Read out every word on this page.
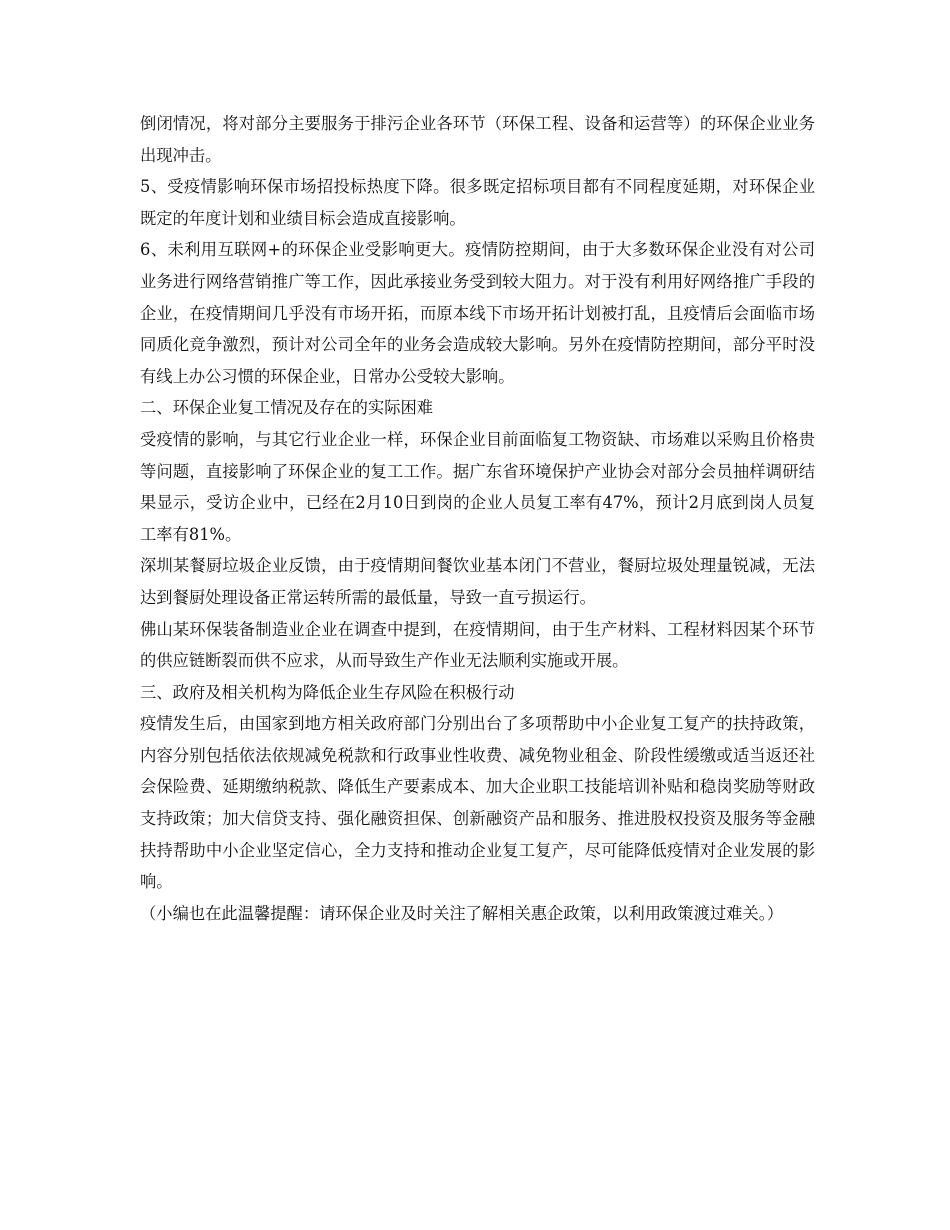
倒闭情况，将对部分主要服务于排污企业各环节（环保工程、设备和运营等）的环保企业业务出现冲击。

5、受疫情影响环保市场招投标热度下降。很多既定招标项目都有不同程度延期，对环保企业既定的年度计划和业绩目标会造成直接影响。

6、未利用互联网+的环保企业受影响更大。疫情防控期间，由于大多数环保企业没有对公司业务进行网络营销推广等工作，因此承接业务受到较大阻力。对于没有利用好网络推广手段的企业，在疫情期间几乎没有市场开拓，而原本线下市场开拓计划被打乱，且疫情后会面临市场同质化竞争激烈，预计对公司全年的业务会造成较大影响。另外在疫情防控期间，部分平时没有线上办公习惯的环保企业，日常办公受较大影响。

二、环保企业复工情况及存在的实际困难

受疫情的影响，与其它行业企业一样，环保企业目前面临复工物资缺、市场难以采购且价格贵等问题，直接影响了环保企业的复工工作。据广东省环境保护产业协会对部分会员抽样调研结果显示，受访企业中，已经在2月10日到岗的企业人员复工率有47%，预计2月底到岗人员复工率有81%。

深圳某餐厨垃圾企业反馈，由于疫情期间餐饮业基本闭门不营业，餐厨垃圾处理量锐减，无法达到餐厨处理设备正常运转所需的最低量，导致一直亏损运行。

佛山某环保装备制造业企业在调查中提到，在疫情期间，由于生产材料、工程材料因某个环节的供应链断裂而供不应求，从而导致生产作业无法顺利实施或开展。

三、政府及相关机构为降低企业生存风险在积极行动

疫情发生后，由国家到地方相关政府部门分别出台了多项帮助中小企业复工复产的扶持政策，内容分别包括依法依规减免税款和行政事业性收费、减免物业租金、阶段性缓缴或适当返还社会保险费、延期缴纳税款、降低生产要素成本、加大企业职工技能培训补贴和稳岗奖励等财政支持政策；加大信贷支持、强化融资担保、创新融资产品和服务、推进股权投资及服务等金融扶持帮助中小企业坚定信心，全力支持和推动企业复工复产，尽可能降低疫情对企业发展的影响。

（小编也在此温馨提醒：请环保企业及时关注了解相关惠企政策，以利用政策渡过难关。）
